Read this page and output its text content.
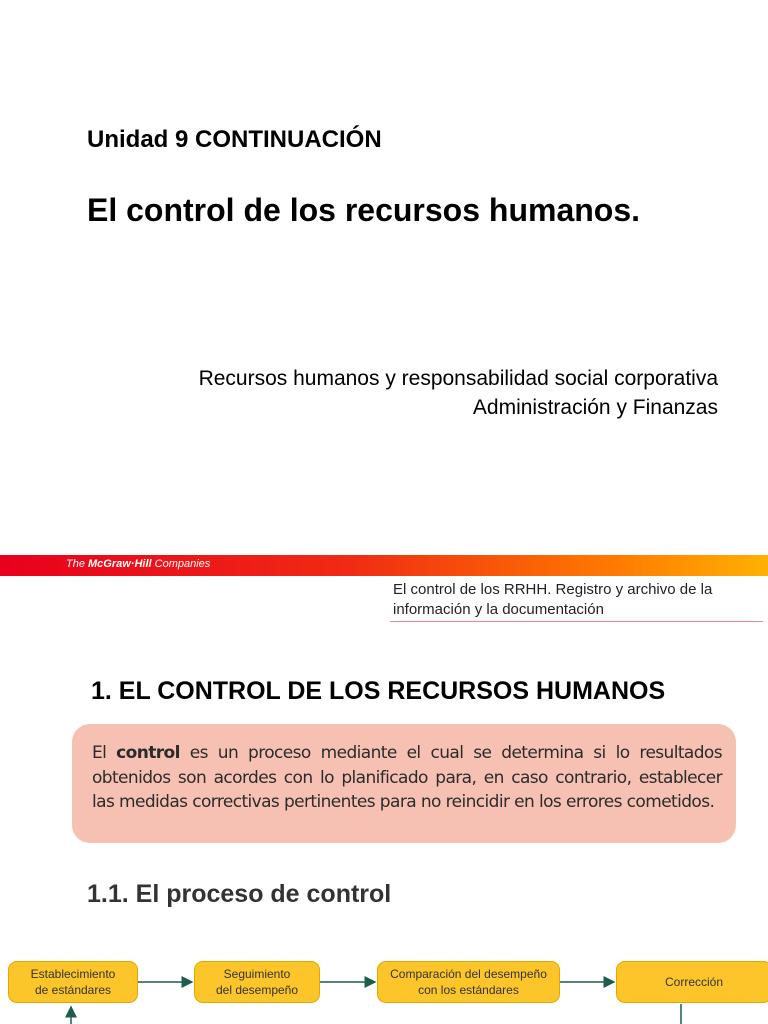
Unidad 9 CONTINUACIÓN
El control de los recursos humanos.
Recursos humanos y responsabilidad social corporativa
Administración y Finanzas
The McGraw·Hill Companies
El control de los RRHH. Registro y archivo de la información y la documentación
1. EL CONTROL DE LOS RECURSOS HUMANOS
El control es un proceso mediante el cual se determina si lo resultados obtenidos son acordes con lo planificado para, en caso contrario, establecer las medidas correctivas pertinentes para no reincidir en los errores cometidos.
1.1. El proceso de control
Establecimiento
de estándares
Seguimiento
del desempeño
Comparación del desempeño
con los estándares
Corrección
